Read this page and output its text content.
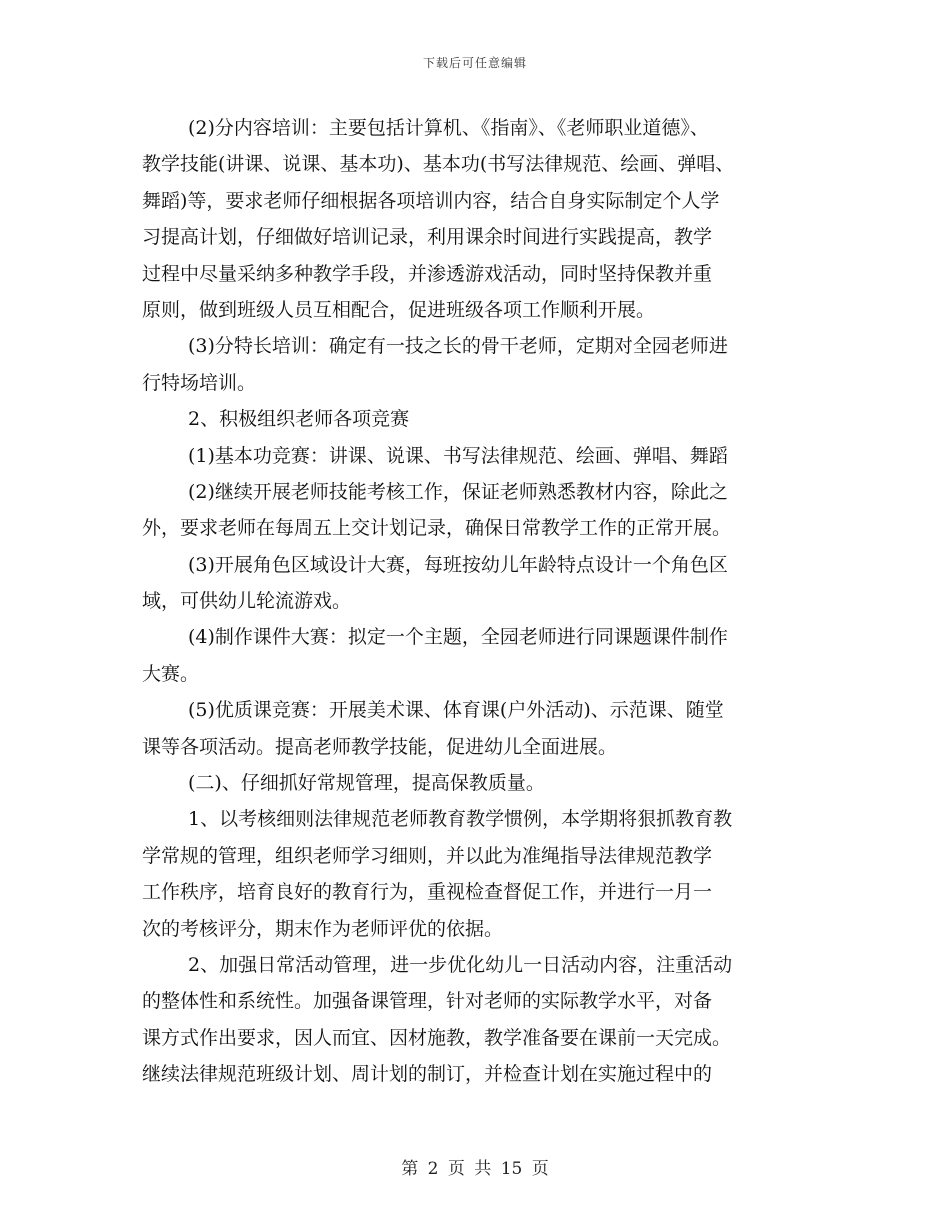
下载后可任意编辑
(2)分内容培训：主要包括计算机、《指南》、《老师职业道德》、
教学技能(讲课、说课、基本功)、基本功(书写法律规范、绘画、弹唱、
舞蹈)等，要求老师仔细根据各项培训内容，结合自身实际制定个人学
习提高计划，仔细做好培训记录，利用课余时间进行实践提高，教学
过程中尽量采纳多种教学手段，并渗透游戏活动，同时坚持保教并重
原则，做到班级人员互相配合，促进班级各项工作顺利开展。
(3)分特长培训：确定有一技之长的骨干老师，定期对全园老师进
行特场培训。
2、积极组织老师各项竞赛
(1)基本功竞赛：讲课、说课、书写法律规范、绘画、弹唱、舞蹈
(2)继续开展老师技能考核工作，保证老师熟悉教材内容，除此之
外，要求老师在每周五上交计划记录，确保日常教学工作的正常开展。
(3)开展角色区域设计大赛，每班按幼儿年龄特点设计一个角色区
域，可供幼儿轮流游戏。
(4)制作课件大赛：拟定一个主题，全园老师进行同课题课件制作
大赛。
(5)优质课竞赛：开展美术课、体育课(户外活动)、示范课、随堂
课等各项活动。提高老师教学技能，促进幼儿全面进展。
(二)、仔细抓好常规管理，提高保教质量。
1、以考核细则法律规范老师教育教学惯例，本学期将狠抓教育教
学常规的管理，组织老师学习细则，并以此为准绳指导法律规范教学
工作秩序，培育良好的教育行为，重视检查督促工作，并进行一月一
次的考核评分，期末作为老师评优的依据。
2、加强日常活动管理，进一步优化幼儿一日活动内容，注重活动
的整体性和系统性。加强备课管理，针对老师的实际教学水平，对备
课方式作出要求，因人而宜、因材施教，教学准备要在课前一天完成。
继续法律规范班级计划、周计划的制订，并检查计划在实施过程中的
第 2 页 共 15 页
